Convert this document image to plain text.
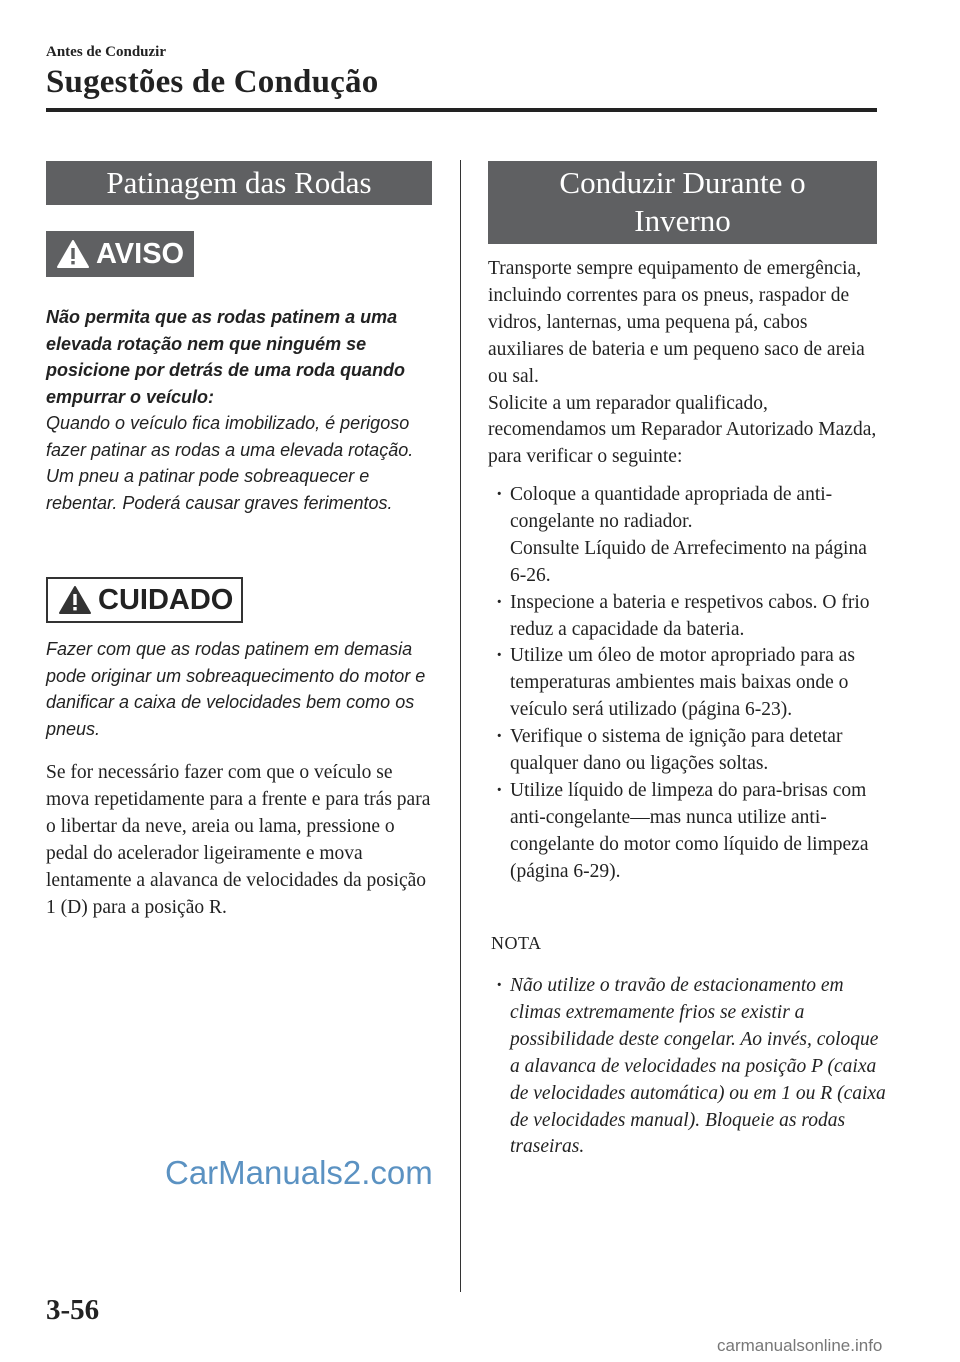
Antes de Conduzir
Sugestões de Condução
Patinagem das Rodas
AVISO
Não permita que as rodas patinem a uma elevada rotação nem que ninguém se posicione por detrás de uma roda quando empurrar o veículo:
Quando o veículo fica imobilizado, é perigoso fazer patinar as rodas a uma elevada rotação. Um pneu a patinar pode sobreaquecer e rebentar. Poderá causar graves ferimentos.
CUIDADO
Fazer com que as rodas patinem em demasia pode originar um sobreaquecimento do motor e danificar a caixa de velocidades bem como os pneus.
Se for necessário fazer com que o veículo se mova repetidamente para a frente e para trás para o libertar da neve, areia ou lama, pressione o pedal do acelerador ligeiramente e mova lentamente a alavanca de velocidades da posição 1 (D) para a posição R.
Conduzir Durante o Inverno
Transporte sempre equipamento de emergência, incluindo correntes para os pneus, raspador de vidros, lanternas, uma pequena pá, cabos auxiliares de bateria e um pequeno saco de areia ou sal.
Solicite a um reparador qualificado, recomendamos um Reparador Autorizado Mazda, para verificar o seguinte:
· Coloque a quantidade apropriada de anti-congelante no radiador.
Consulte Líquido de Arrefecimento na página 6-26.
· Inspecione a bateria e respetivos cabos. O frio reduz a capacidade da bateria.
· Utilize um óleo de motor apropriado para as temperaturas ambientes mais baixas onde o veículo será utilizado (página 6-23).
· Verifique o sistema de ignição para detetar qualquer dano ou ligações soltas.
· Utilize líquido de limpeza do para-brisas com anti-congelante—mas nunca utilize anti-congelante do motor como líquido de limpeza (página 6-29).
NOTA
· Não utilize o travão de estacionamento em climas extremamente frios se existir a possibilidade deste congelar. Ao invés, coloque a alavanca de velocidades na posição P (caixa de velocidades automática) ou em 1 ou R (caixa de velocidades manual). Bloqueie as rodas traseiras.
CarManuals2.com
3-56
carmanualsonline.info
